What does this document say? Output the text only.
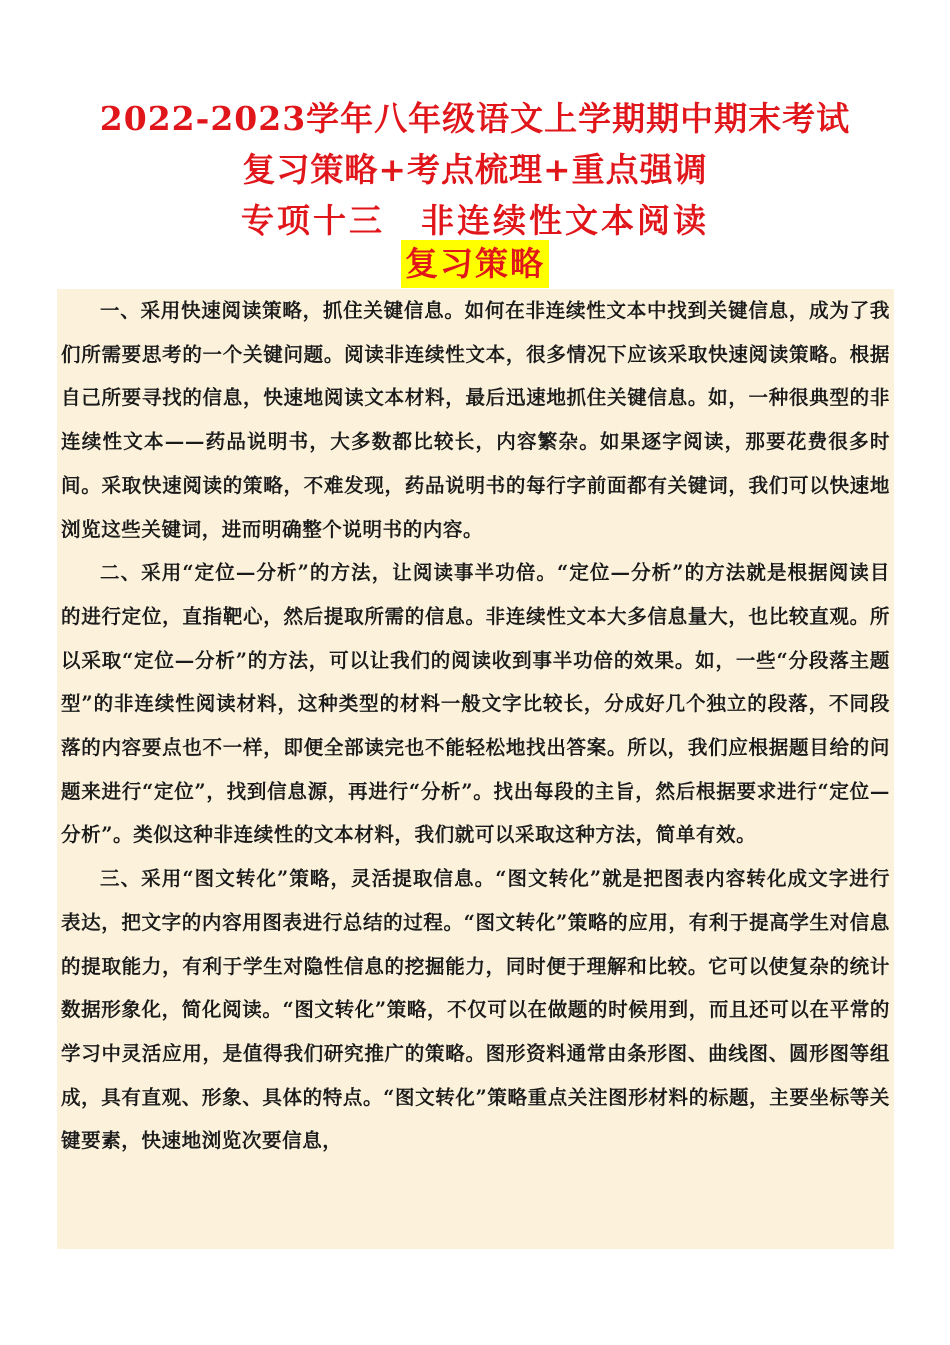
2022-2023学年八年级语文上学期期中期末考试
复习策略+考点梳理+重点强调
专项十三 非连续性文本阅读
复习策略

一、采用快速阅读策略，抓住关键信息。如何在非连续性文本中找到关键信息，成为了我们所需要思考的一个关键问题。阅读非连续性文本，很多情况下应该采取快速阅读策略。根据自己所要寻找的信息，快速地阅读文本材料，最后迅速地抓住关键信息。如，一种很典型的非连续性文本——药品说明书，大多数都比较长，内容繁杂。如果逐字阅读，那要花费很多时间。采取快速阅读的策略，不难发现，药品说明书的每行字前面都有关键词，我们可以快速地浏览这些关键词，进而明确整个说明书的内容。

二、采用“定位—分析”的方法，让阅读事半功倍。“定位—分析”的方法就是根据阅读目的进行定位，直指靶心，然后提取所需的信息。非连续性文本大多信息量大，也比较直观。所以采取“定位—分析”的方法，可以让我们的阅读收到事半功倍的效果。如，一些“分段落主题型”的非连续性阅读材料，这种类型的材料一般文字比较长，分成好几个独立的段落，不同段落的内容要点也不一样，即便全部读完也不能轻松地找出答案。所以，我们应根据题目给的问题来进行“定位”，找到信息源，再进行“分析”。找出每段的主旨，然后根据要求进行“定位—分析”。类似这种非连续性的文本材料，我们就可以采取这种方法，简单有效。

三、采用“图文转化”策略，灵活提取信息。“图文转化”就是把图表内容转化成文字进行表达，把文字的内容用图表进行总结的过程。“图文转化”策略的应用，有利于提高学生对信息的提取能力，有利于学生对隐性信息的挖掘能力，同时便于理解和比较。它可以使复杂的统计数据形象化，简化阅读。“图文转化”策略，不仅可以在做题的时候用到，而且还可以在平常的学习中灵活应用，是值得我们研究推广的策略。图形资料通常由条形图、曲线图、圆形图等组成，具有直观、形象、具体的特点。“图文转化”策略重点关注图形材料的标题，主要坐标等关键要素，快速地浏览次要信息，
